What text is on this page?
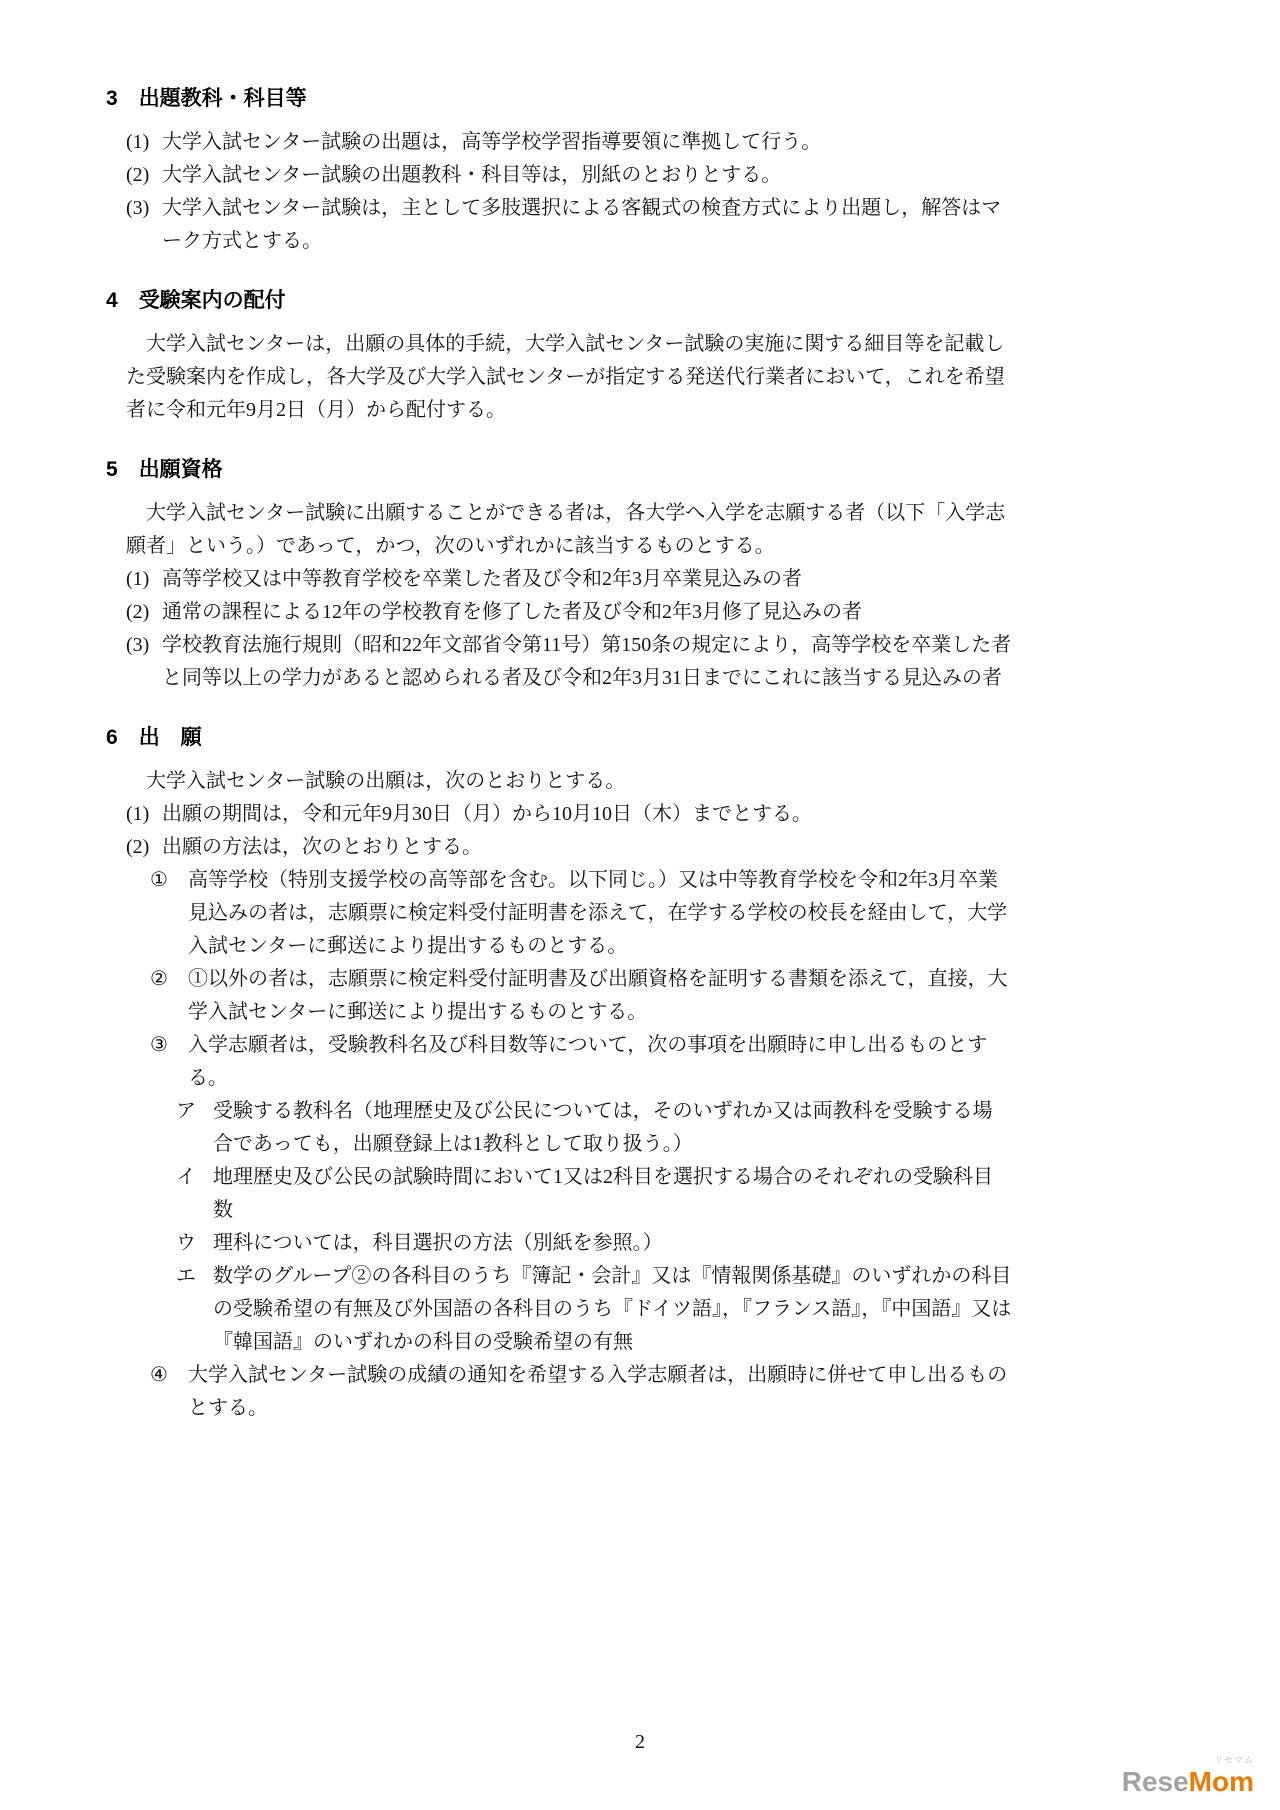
3 出題教科・科目等
(1) 大学入試センター試験の出題は，高等学校学習指導要領に準拠して行う。
(2) 大学入試センター試験の出題教科・科目等は，別紙のとおりとする。
(3) 大学入試センター試験は，主として多肢選択による客観式の検査方式により出題し，解答はマーク方式とする。
4 受験案内の配付
大学入試センターは，出願の具体的手続，大学入試センター試験の実施に関する細目等を記載した受験案内を作成し，各大学及び大学入試センターが指定する発送代行業者において，これを希望者に令和元年9月2日（月）から配付する。
5 出願資格
大学入試センター試験に出願することができる者は，各大学へ入学を志願する者（以下「入学志願者」という。）であって，かつ，次のいずれかに該当するものとする。
(1) 高等学校又は中等教育学校を卒業した者及び令和2年3月卒業見込みの者
(2) 通常の課程による12年の学校教育を修了した者及び令和2年3月修了見込みの者
(3) 学校教育法施行規則（昭和22年文部省令第11号）第150条の規定により，高等学校を卒業した者と同等以上の学力があると認められる者及び令和2年3月31日までにこれに該当する見込みの者
6 出　願
大学入試センター試験の出願は，次のとおりとする。
(1) 出願の期間は，令和元年9月30日（月）から10月10日（木）までとする。
(2) 出願の方法は，次のとおりとする。
①	高等学校（特別支援学校の高等部を含む。以下同じ。）又は中等教育学校を令和2年3月卒業見込みの者は，志願票に検定料受付証明書を添えて，在学する学校の校長を経由して，大学入試センターに郵送により提出するものとする。
②	①以外の者は，志願票に検定料受付証明書及び出願資格を証明する書類を添えて，直接，大学入試センターに郵送により提出するものとする。
③	入学志願者は，受験教科名及び科目数等について，次の事項を出願時に申し出るものとする。
ア 受験する教科名（地理歴史及び公民については，そのいずれか又は両教科を受験する場合であっても，出願登録上は1教科として取り扱う。）
イ 地理歴史及び公民の試験時間において1又は2科目を選択する場合のそれぞれの受験科目数
ウ 理科については，科目選択の方法（別紙を参照。）
エ 数学のグループ②の各科目のうち『簿記・会計』又は『情報関係基礎』のいずれかの科目の受験希望の有無及び外国語の各科目のうち『ドイツ語』，『フランス語』，『中国語』又は『韓国語』のいずれかの科目の受験希望の有無
④	大学入試センター試験の成績の通知を希望する入学志願者は，出願時に併せて申し出るものとする。
2
リセマム
ReseMom
